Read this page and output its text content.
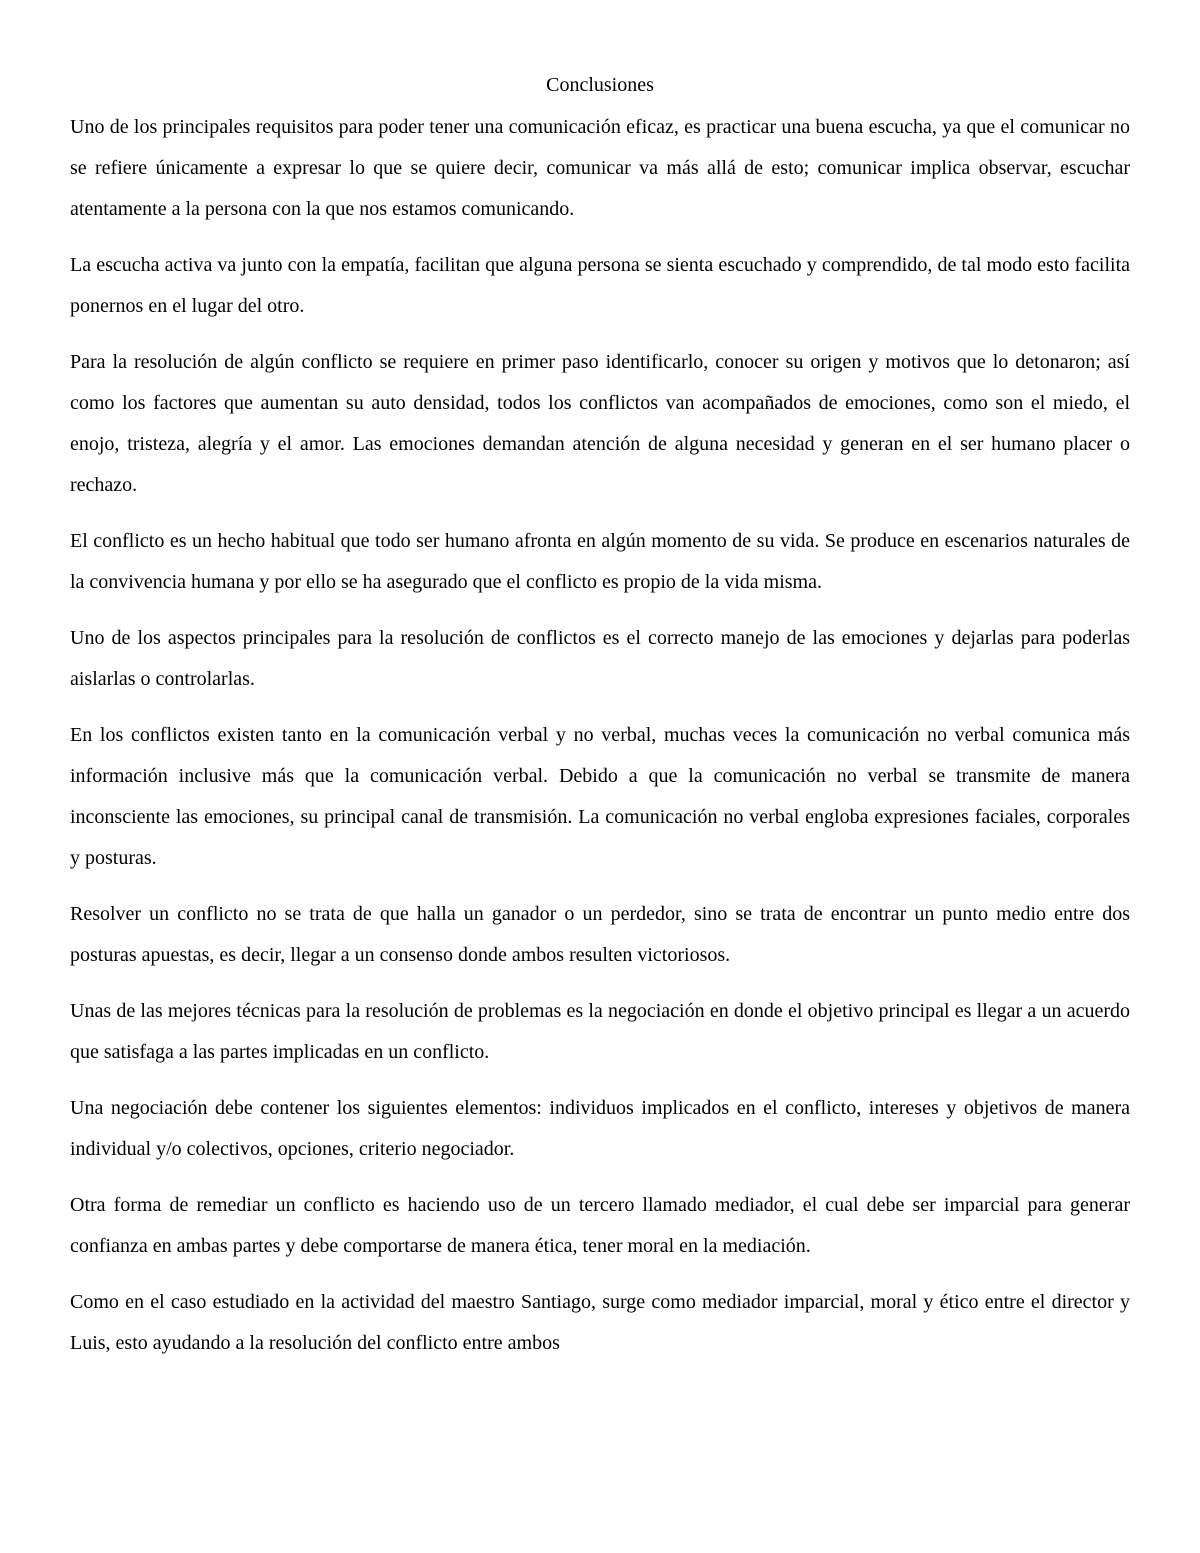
Conclusiones

Uno de los principales requisitos para poder tener una comunicación eficaz, es practicar una buena escucha, ya que el comunicar no se refiere únicamente a expresar lo que se quiere decir, comunicar va más allá de esto; comunicar implica observar, escuchar atentamente a la persona con la que nos estamos comunicando.

La escucha activa va junto con la empatía, facilitan que alguna persona se sienta escuchado y comprendido, de tal modo esto facilita ponernos en el lugar del otro.

Para la resolución de algún conflicto se requiere en primer paso identificarlo, conocer su origen y motivos que lo detonaron; así como los factores que aumentan su auto densidad, todos los conflictos van acompañados de emociones, como son el miedo, el enojo, tristeza, alegría y el amor. Las emociones demandan atención de alguna necesidad y generan en el ser humano placer o rechazo.

El conflicto es un hecho habitual que todo ser humano afronta en algún momento de su vida. Se produce en escenarios naturales de la convivencia humana y por ello se ha asegurado que el conflicto es propio de la vida misma.

Uno de los aspectos principales para la resolución de conflictos es el correcto manejo de las emociones y dejarlas para poderlas aislarlas o controlarlas.

En los conflictos existen tanto en la comunicación verbal y no verbal, muchas veces la comunicación no verbal comunica más información inclusive más que la comunicación verbal. Debido a que la comunicación no verbal se transmite de manera inconsciente las emociones, su principal canal de transmisión. La comunicación no verbal engloba expresiones faciales, corporales y posturas.

Resolver un conflicto no se trata de que halla un ganador o un perdedor, sino se trata de encontrar un punto medio entre dos posturas apuestas, es decir, llegar a un consenso donde ambos resulten victoriosos.

Unas de las mejores técnicas para la resolución de problemas es la negociación en donde el objetivo principal es llegar a un acuerdo que satisfaga a las partes implicadas en un conflicto.

Una negociación debe contener los siguientes elementos: individuos implicados en el conflicto, intereses y objetivos de manera individual y/o colectivos, opciones, criterio negociador.

Otra forma de remediar un conflicto es haciendo uso de un tercero llamado mediador, el cual debe ser imparcial para generar confianza en ambas partes y debe comportarse de manera ética, tener moral en la mediación.

Como en el caso estudiado en la actividad del maestro Santiago, surge como mediador imparcial, moral y ético entre el director y Luis, esto ayudando a la resolución del conflicto entre ambos
